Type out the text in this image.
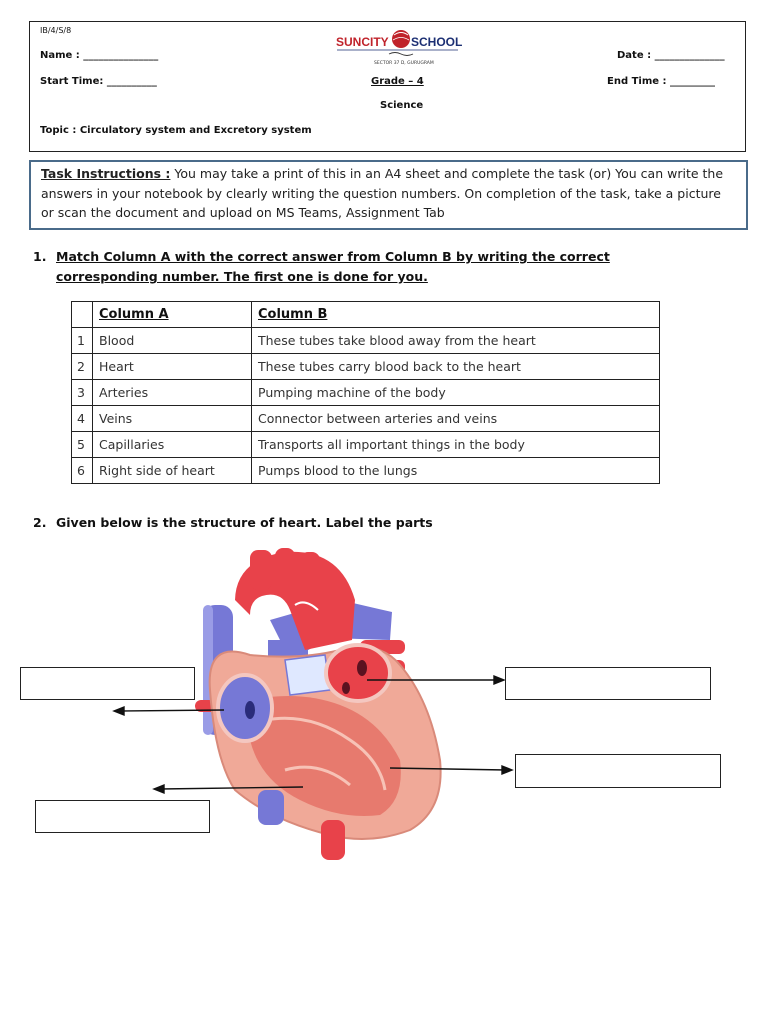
IB/4/S/8
SUNCITY SCHOOL
SECTOR 37 D, GURUGRAM
Name : _______________	Date : ______________
Start Time: __________	Grade – 4	End Time : _________
Science
Topic : Circulatory system and Excretory system
Task Instructions : You may take a print of this in an A4 sheet and complete the task (or) You can write the answers in your notebook by clearly writing the question numbers. On completion of the task, take a picture or scan the document and upload on MS Teams, Assignment Tab
1. Match Column A with the correct answer from Column B by writing the correct
corresponding number. The first one is done for you.
	Column A	Column B
1	Blood	These tubes take blood away from the heart
2	Heart	These tubes carry blood back to the heart
3	Arteries	Pumping machine of the body
4	Veins	Connector between arteries and veins
5	Capillaries	Transports all important things in the body
6	Right side of heart	Pumps blood to the lungs
2. Given below is the structure of heart. Label the parts
